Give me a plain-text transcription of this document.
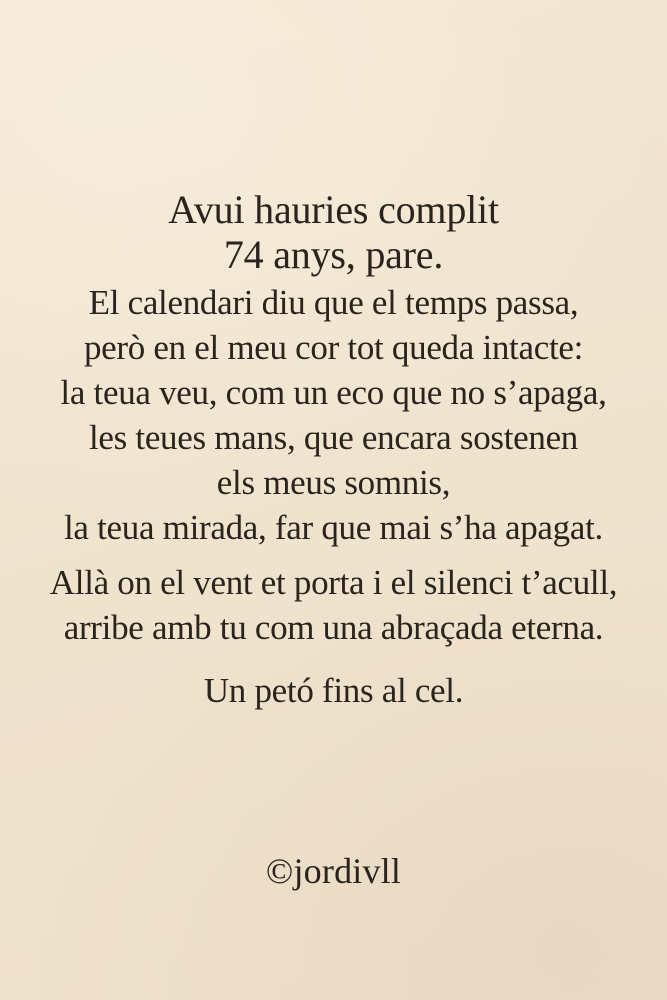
Avui hauries complit
74 anys, pare.
El calendari diu que el temps passa,
però en el meu cor tot queda intacte:
la teua veu, com un eco que no s’apaga,
les teues mans, que encara sostenen
els meus somnis,
la teua mirada, far que mai s’ha apagat.
Allà on el vent et porta i el silenci t’acull,
arribe amb tu com una abraçada eterna.
Un petó fins al cel.
©jordivll
